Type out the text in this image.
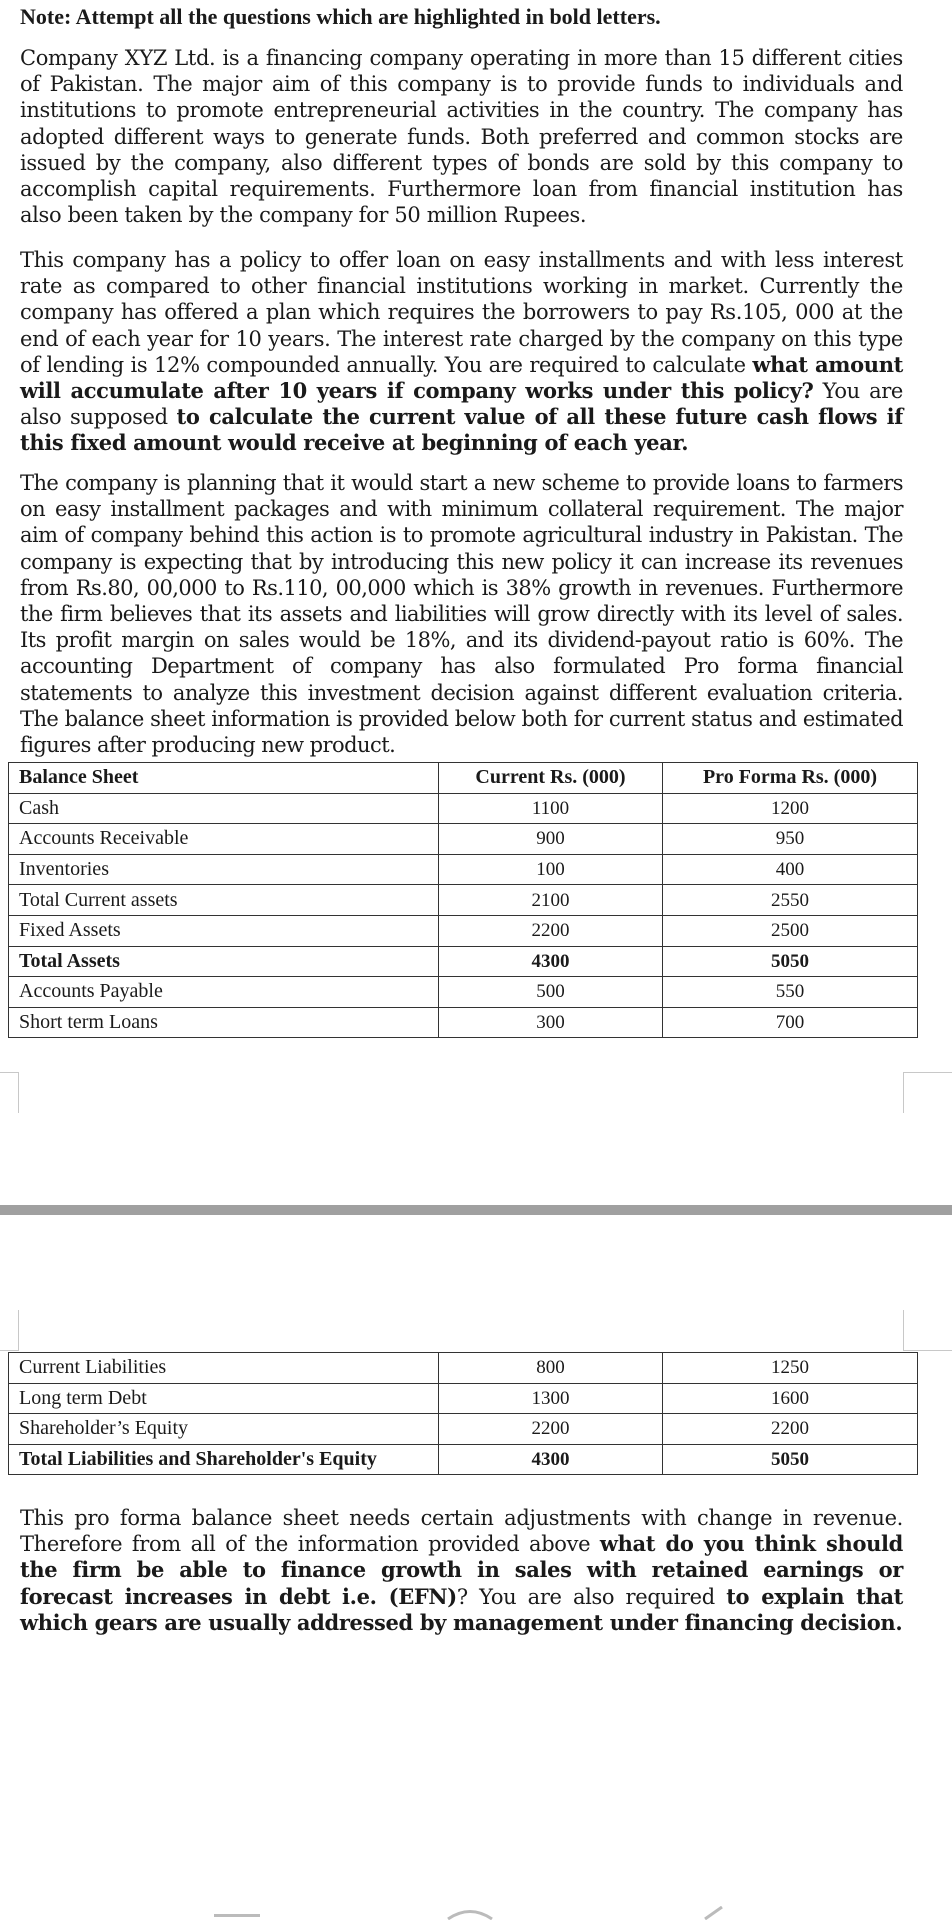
Note: Attempt all the questions which are highlighted in bold letters.

Company XYZ Ltd. is a financing company operating in more than 15 different cities of Pakistan. The major aim of this company is to provide funds to individuals and institutions to promote entrepreneurial activities in the country. The company has adopted different ways to generate funds. Both preferred and common stocks are issued by the company, also different types of bonds are sold by this company to accomplish capital requirements. Furthermore loan from financial institution has also been taken by the company for 50 million Rupees.

This company has a policy to offer loan on easy installments and with less interest rate as compared to other financial institutions working in market. Currently the company has offered a plan which requires the borrowers to pay Rs.105, 000 at the end of each year for 10 years. The interest rate charged by the company on this type of lending is 12% compounded annually. You are required to calculate what amount will accumulate after 10 years if company works under this policy? You are also supposed to calculate the current value of all these future cash flows if this fixed amount would receive at beginning of each year.

The company is planning that it would start a new scheme to provide loans to farmers on easy installment packages and with minimum collateral requirement. The major aim of company behind this action is to promote agricultural industry in Pakistan. The company is expecting that by introducing this new policy it can increase its revenues from Rs.80, 00,000 to Rs.110, 00,000 which is 38% growth in revenues. Furthermore the firm believes that its assets and liabilities will grow directly with its level of sales. Its profit margin on sales would be 18%, and its dividend-payout ratio is 60%. The accounting Department of company has also formulated Pro forma financial statements to analyze this investment decision against different evaluation criteria. The balance sheet information is provided below both for current status and estimated figures after producing new product.

Balance Sheet	Current Rs. (000)	Pro Forma Rs. (000)
Cash	1100	1200
Accounts Receivable	900	950
Inventories	100	400
Total Current assets	2100	2550
Fixed Assets	2200	2500
Total Assets	4300	5050
Accounts Payable	500	550
Short term Loans	300	700
Current Liabilities	800	1250
Long term Debt	1300	1600
Shareholder’s Equity	2200	2200
Total Liabilities and Shareholder's Equity	4300	5050

This pro forma balance sheet needs certain adjustments with change in revenue. Therefore from all of the information provided above what do you think should the firm be able to finance growth in sales with retained earnings or forecast increases in debt i.e. (EFN)? You are also required to explain that which gears are usually addressed by management under financing decision.
